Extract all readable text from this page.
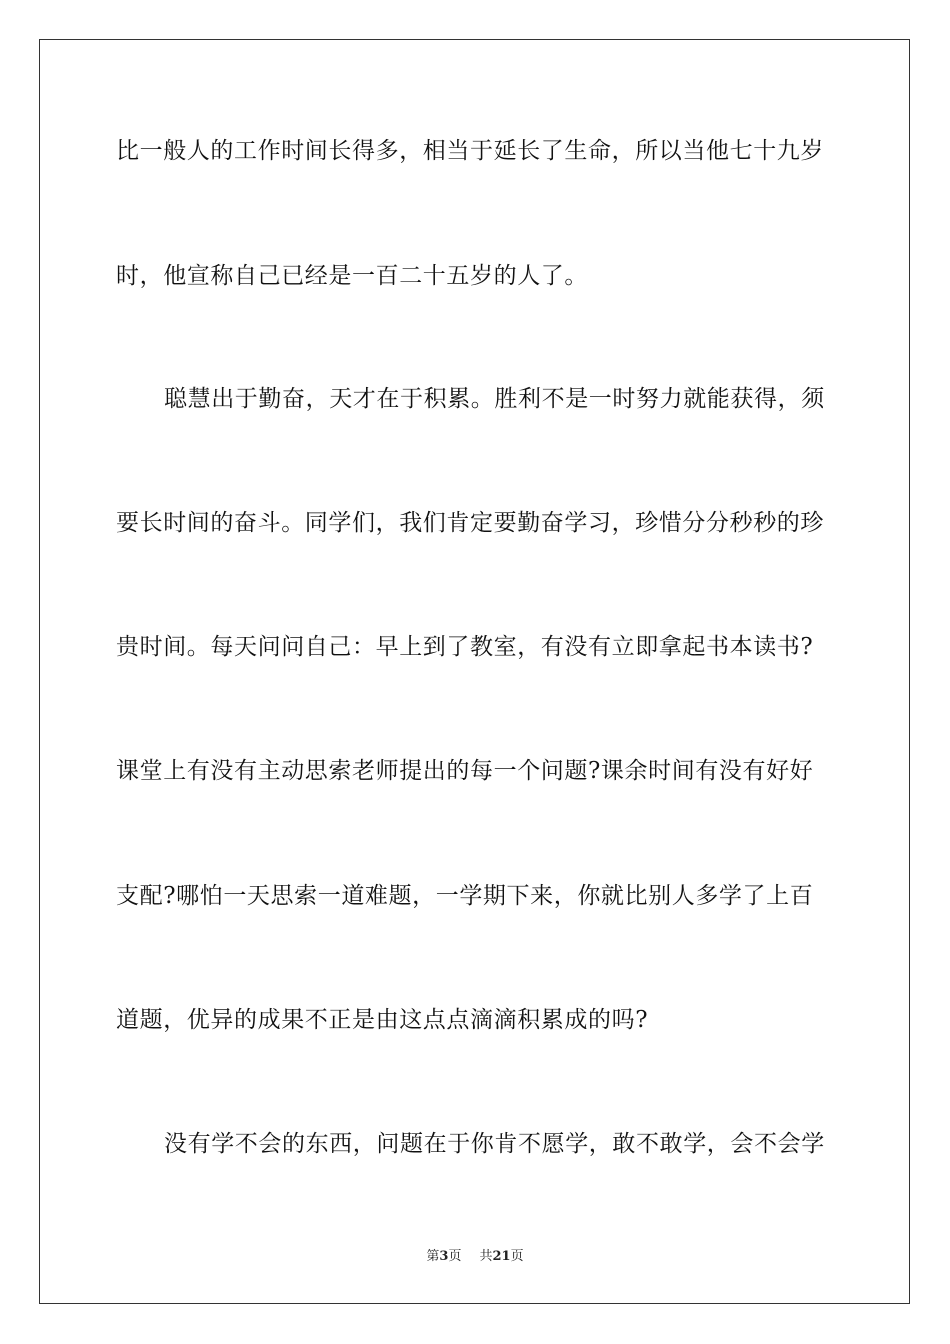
比一般人的工作时间长得多，相当于延长了生命，所以当他七十九岁
时，他宣称自己已经是一百二十五岁的人了。
聪慧出于勤奋，天才在于积累。胜利不是一时努力就能获得，须
要长时间的奋斗。同学们，我们肯定要勤奋学习，珍惜分分秒秒的珍
贵时间。每天问问自己：早上到了教室，有没有立即拿起书本读书?
课堂上有没有主动思索老师提出的每一个问题?课余时间有没有好好
支配?哪怕一天思索一道难题，一学期下来，你就比别人多学了上百
道题，优异的成果不正是由这点点滴滴积累成的吗?
没有学不会的东西，问题在于你肯不愿学，敢不敢学，会不会学
第3页 共21页
